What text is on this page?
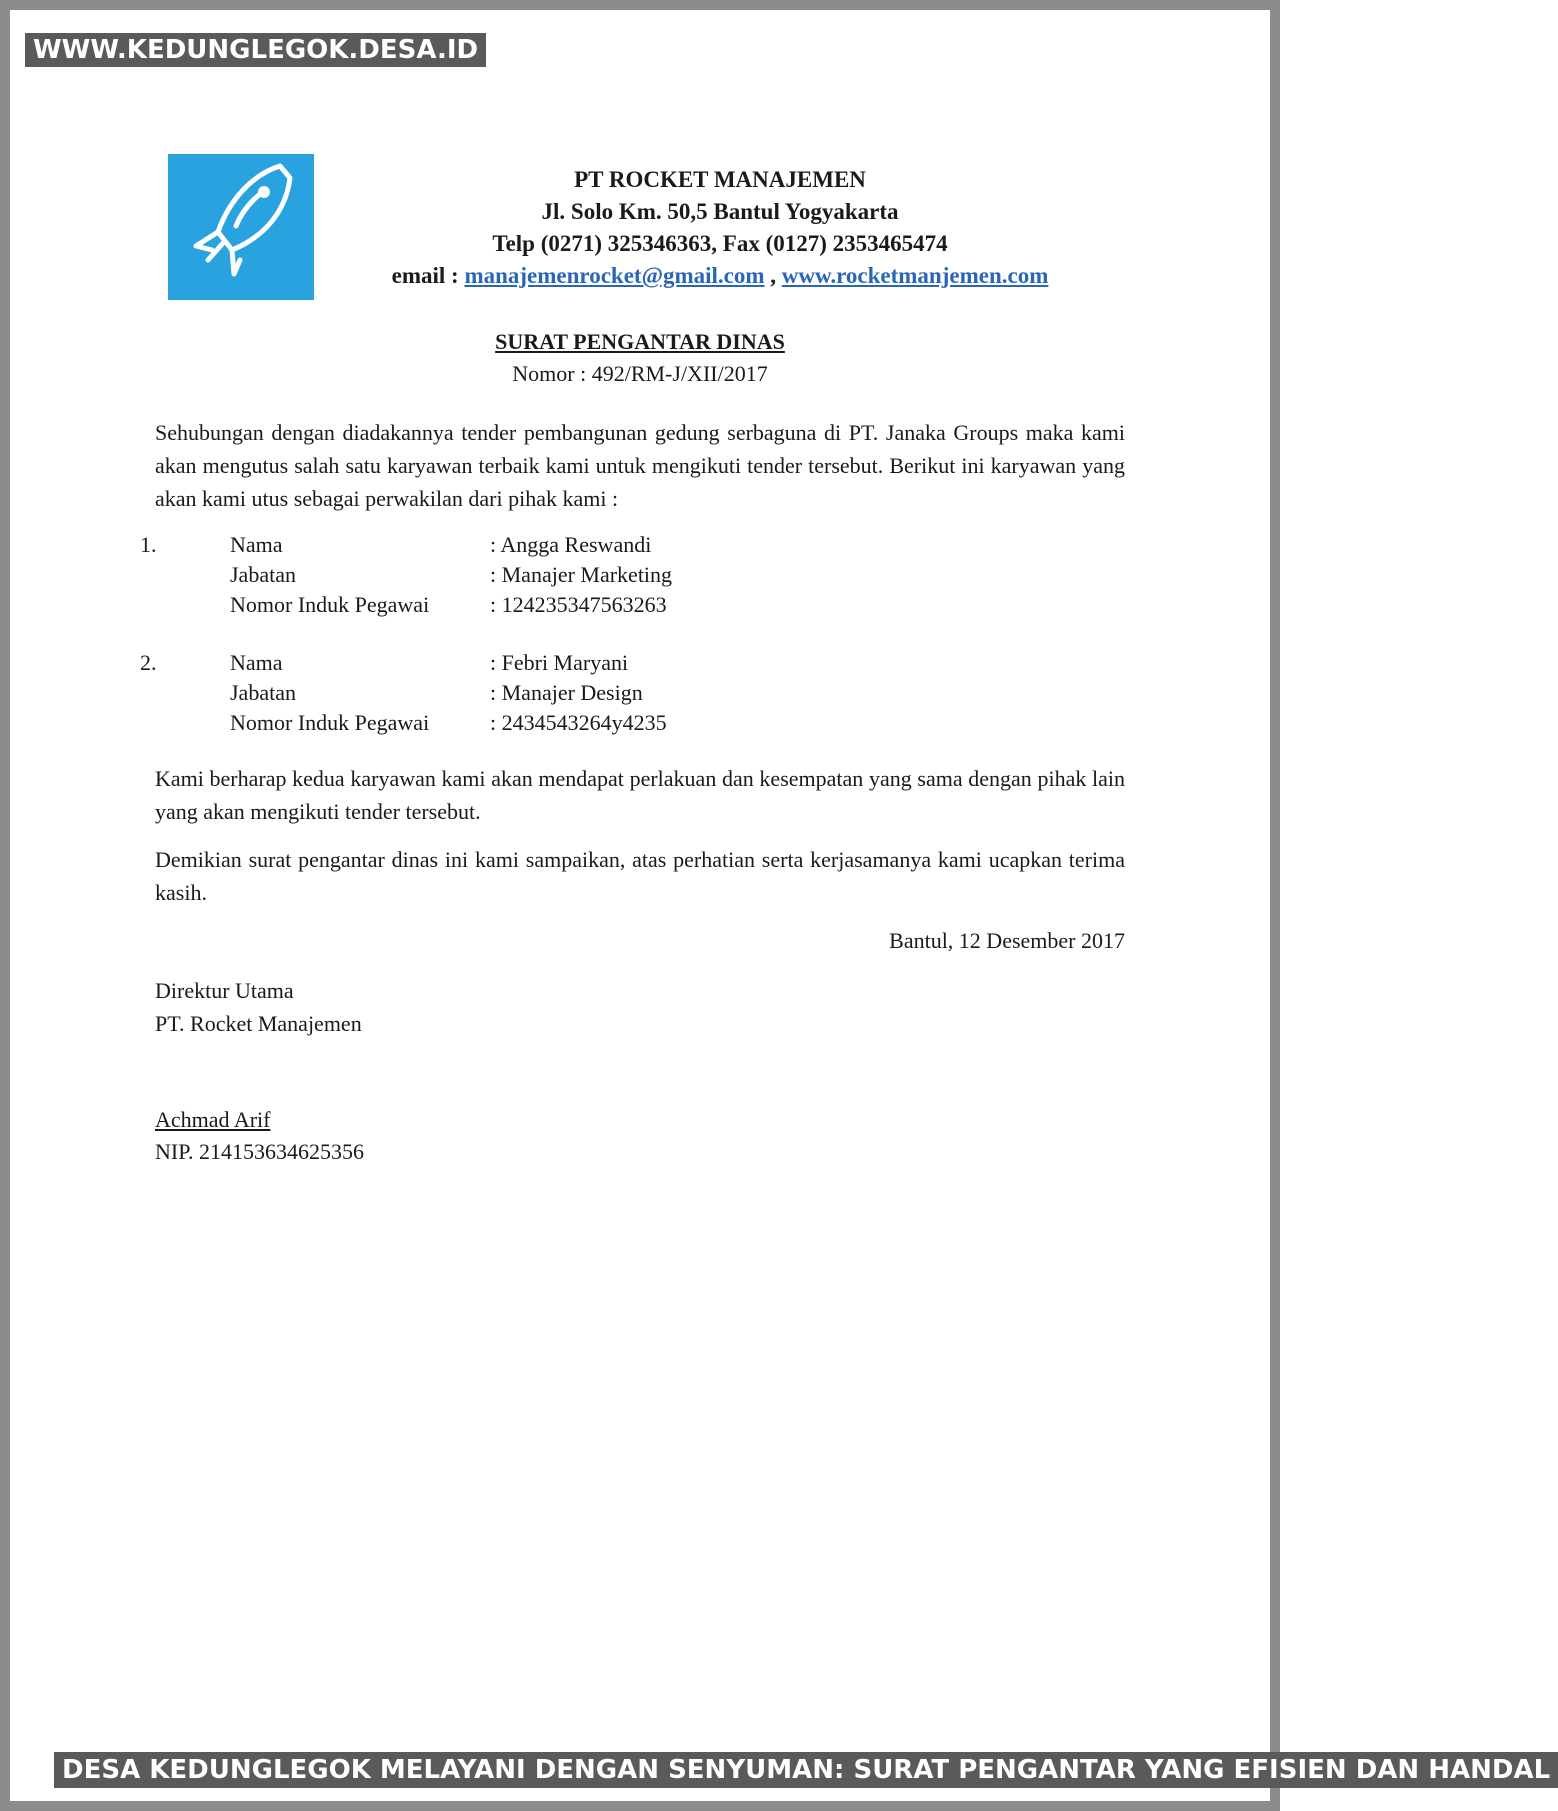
WWW.KEDUNGLEGOK.DESA.ID
PT ROCKET MANAJEMEN
Jl. Solo Km. 50,5 Bantul Yogyakarta
Telp (0271) 325346363, Fax (0127) 2353465474
email : manajemenrocket@gmail.com , www.rocketmanjemen.com
SURAT PENGANTAR DINAS
Nomor : 492/RM-J/XII/2017
Sehubungan dengan diadakannya tender pembangunan gedung serbaguna di PT. Janaka Groups maka kami akan mengutus salah satu karyawan terbaik kami untuk mengikuti tender tersebut. Berikut ini karyawan yang akan kami utus sebagai perwakilan dari pihak kami :
1.	Nama	: Angga Reswandi
Jabatan	: Manajer Marketing
Nomor Induk Pegawai	: 124235347563263
2.	Nama	: Febri Maryani
Jabatan	: Manajer Design
Nomor Induk Pegawai	: 2434543264y4235
Kami berharap kedua karyawan kami akan mendapat perlakuan dan kesempatan yang sama dengan pihak lain yang akan mengikuti tender tersebut.
Demikian surat pengantar dinas ini kami sampaikan, atas perhatian serta kerjasamanya kami ucapkan terima kasih.
Bantul, 12 Desember 2017
Direktur Utama
PT. Rocket Manajemen
Achmad Arif
NIP. 214153634625356
DESA KEDUNGLEGOK MELAYANI DENGAN SENYUMAN: SURAT PENGANTAR YANG EFISIEN DAN HANDAL
